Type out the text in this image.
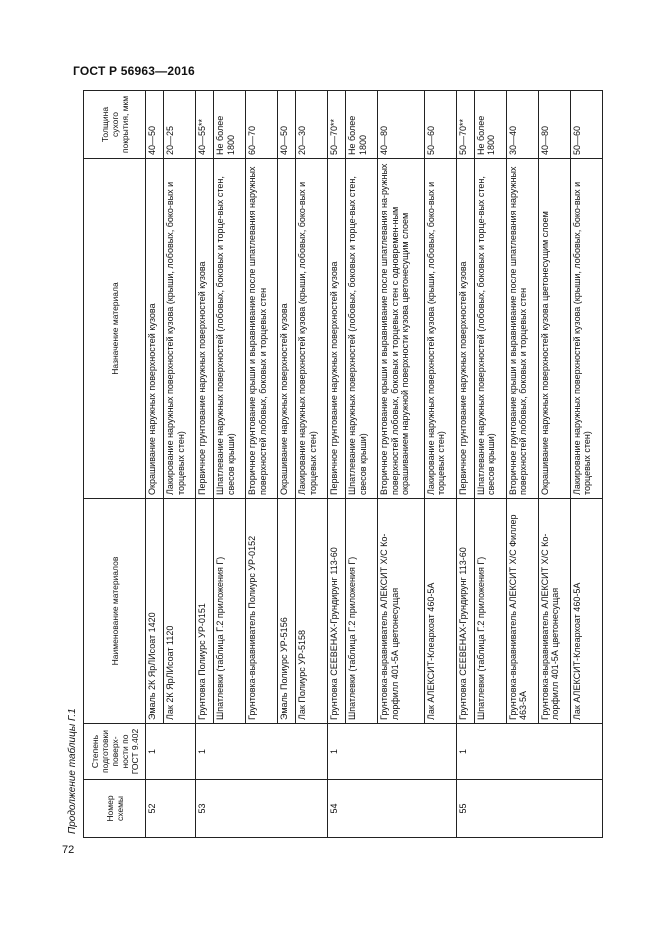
ГОСТ Р 56963—2016
Продолжение таблицы Г.1	Номер схемы	Степень подготовки поверх-ности по ГОСТ 9.402	Наименование материалов	Назначение материала	Толщина сухого покрытия, мкм
52	1	Эмаль 2К ЯрЛИсоат 1420	Окрашивание наружных поверхностей кузова	40—50
		Лак 2К ЯрЛИсоат 1120	Лакирование наружных поверхностей кузова (крыши, лобовых, боко-вых и торцевых стен)	20—25
53	1	Грунтовка Полиурс УР-0151	Первичное грунтование наружных поверхностей кузова	40—55**
		Шпатлевки (таблица Г.2 приложения Г)	Шпатлевание наружных поверхностей (лобовых, боковых и торце-вых стен, свесов крыши)	Не более 1800
		Грунтовка-выравниватель Полиурс УР-0152	Вторичное грунтование крыши и выравнивание после шпатлевания наружных поверхностей лобовых, боковых и торцевых стен	60—70
		Эмаль Полиурс УР-5156	Окрашивание наружных поверхностей кузова	40—50
		Лак Полиурс УР-5158	Лакирование наружных поверхностей кузова (крыши, лобовых, боко-вых и торцевых стен)	20—30
54	1	Грунтовка CEEBEHAX-Грундирунг 113-60	Первичное грунтование наружных поверхностей кузова	50—70**
		Шпатлевки (таблица Г.2 приложения Г)	Шпатлевание наружных поверхностей (лобовых, боковых и торце-вых стен, свесов крыши)	Не более 1800
		Грунтовка-выравниватель АЛЕКСИТ Х/С Ко-лорфилл 401-5А цветонесущая	Вторичное грунтование крыши и выравнивание после шпатлевания на-ружных поверхностей лобовых, боковых и торцевых стен с одновремен-ным окрашиванием наружной поверхности кузова цветонесущим слоем	40—80
		Лак АЛЕКСИТ-Клеархоат 460-5А	Лакирование наружных поверхностей кузова (крыши, лобовых, боко-вых и торцевых стен)	50—60
55	1	Грунтовка CEEBEHAX-Грундирунг 113-60	Первичное грунтование наружных поверхностей кузова	50—70**
		Шпатлевки (таблица Г.2 приложения Г)	Шпатлевание наружных поверхностей (лобовых, боковых и торце-вых стен, свесов крыши)	Не более 1800
		Грунтовка-выравниватель АЛЕКСИТ Х/С Филлер 463-5А	Вторичное грунтование крыши и выравнивание после шпатлевания наружных поверхностей лобовых, боковых и торцевых стен	30—40
		Грунтовка-выравниватель АЛЕКСИТ Х/С Ко-лорфилл 401-5А цветонесущая	Окрашивание наружных поверхностей кузова цветонесущим слоем	40—80
		Лак АЛЕКСИТ-Клеархоат 460-5А	Лакирование наружных поверхностей кузова (крыши, лобовых, боко-вых и торцевых стен)	50—60
72
